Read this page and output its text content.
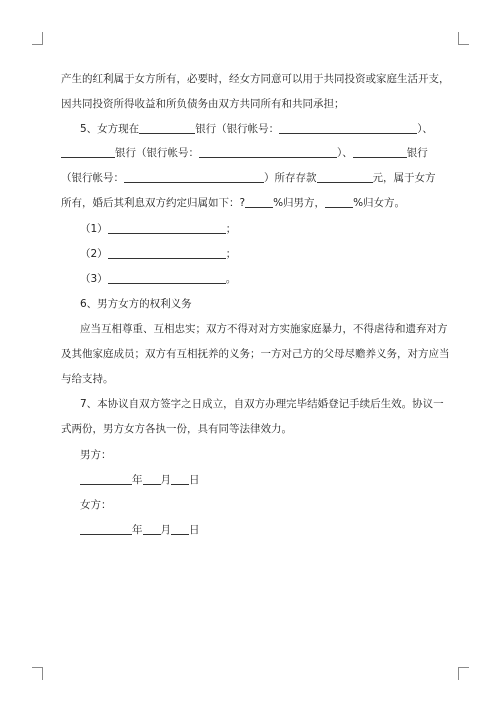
产生的红利属于女方所有，必要时，经女方同意可以用于共同投资或家庭生活开支，
因共同投资所得收益和所负债务由双方共同所有和共同承担；
5、女方现在	银行（银行帐号：	）、
银行（银行帐号：	）、	银行
（银行帐号：	）所存存款	元，属于女方
所有，婚后其利息双方约定归属如下：?	%归男方，	%归女方。
（1）	；
（2）	；
（3）	。
6、男方女方的权利义务
应当互相尊重、互相忠实；双方不得对对方实施家庭暴力，不得虐待和遗弃对方
及其他家庭成员；双方有互相抚养的义务；一方对己方的父母尽赡养义务，对方应当
与给支持。
7、本协议自双方签字之日成立，自双方办理完毕结婚登记手续后生效。协议一
式两份，男方女方各执一份，具有同等法律效力。
男方：
年 月 日
女方：
年 月 日
